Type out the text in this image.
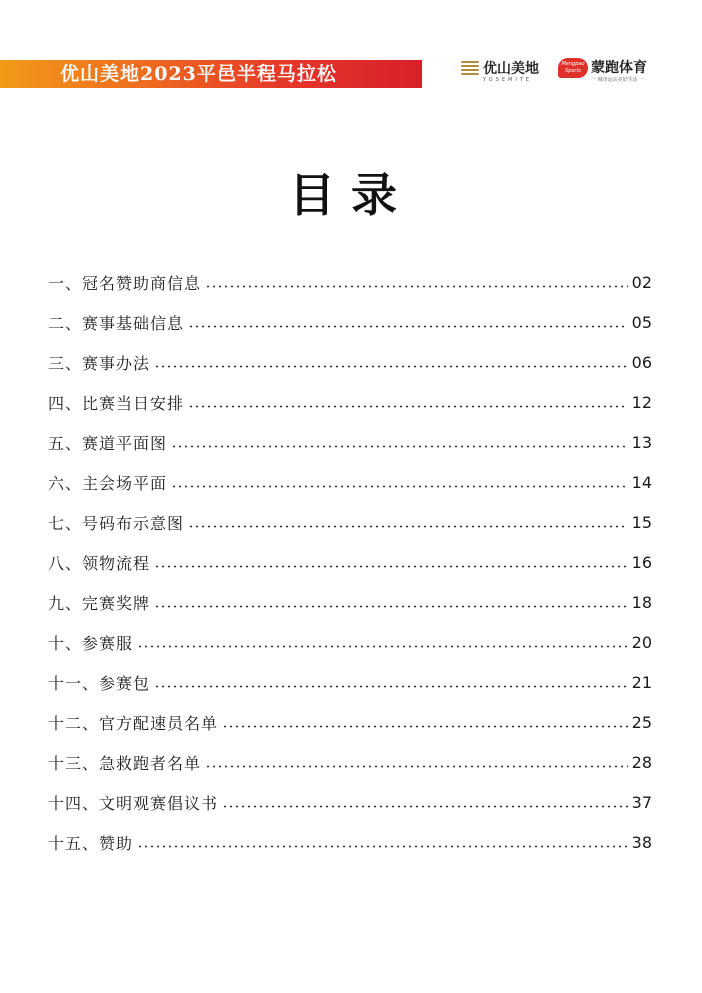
优山美地2023平邑半程马拉松	优山美地
YOSEMITE
Mengpao Sports 蒙跑体育
一 城市运动美好生活 一
目录
一、冠名赞助商信息	02
二、赛事基础信息	05
三、赛事办法	06
四、比赛当日安排	12
五、赛道平面图	13
六、主会场平面	14
七、号码布示意图	15
八、领物流程	16
九、完赛奖牌	18
十、参赛服	20
十一、参赛包	21
十二、官方配速员名单	25
十三、急救跑者名单	28
十四、文明观赛倡议书	37
十五、赞助	38
